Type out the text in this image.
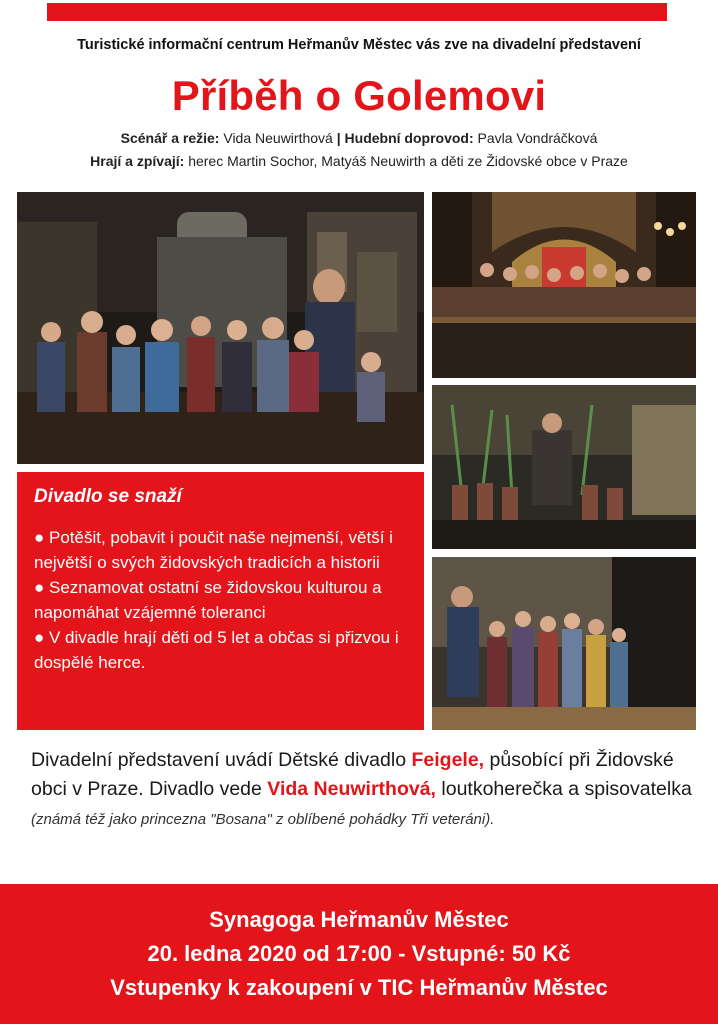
Turistické informační centrum Heřmanův Městec vás zve na divadelní představení
Příběh o Golemovi
Scénář a režie: Vida Neuwirthová | Hudební doprovod: Pavla Vondráčková
Hrají a zpívají: herec Martin Sochor, Matyáš Neuwirth a děti ze Židovské obce v Praze
Divadlo se snaží
● Potěšit, pobavit i poučit naše nejmenší, větší i největší o svých židovských tradicích a historii
● Seznamovat ostatní se židovskou kulturou a napomáhat vzájemné toleranci
● V divadle hrají děti od 5 let a občas si přizvou i dospělé herce.
Divadelní představení uvádí Dětské divadlo Feigele, působící při Židovské obci v Praze. Divadlo vede Vida Neuwirthová, loutkoherečka a spisovatelka (známá též jako princezna "Bosana" z oblíbené pohádky Tři veteráni).
Synagoga Heřmanův Městec
20. ledna 2020 od 17:00 - Vstupné: 50 Kč
Vstupenky k zakoupení v TIC Heřmanův Městec
